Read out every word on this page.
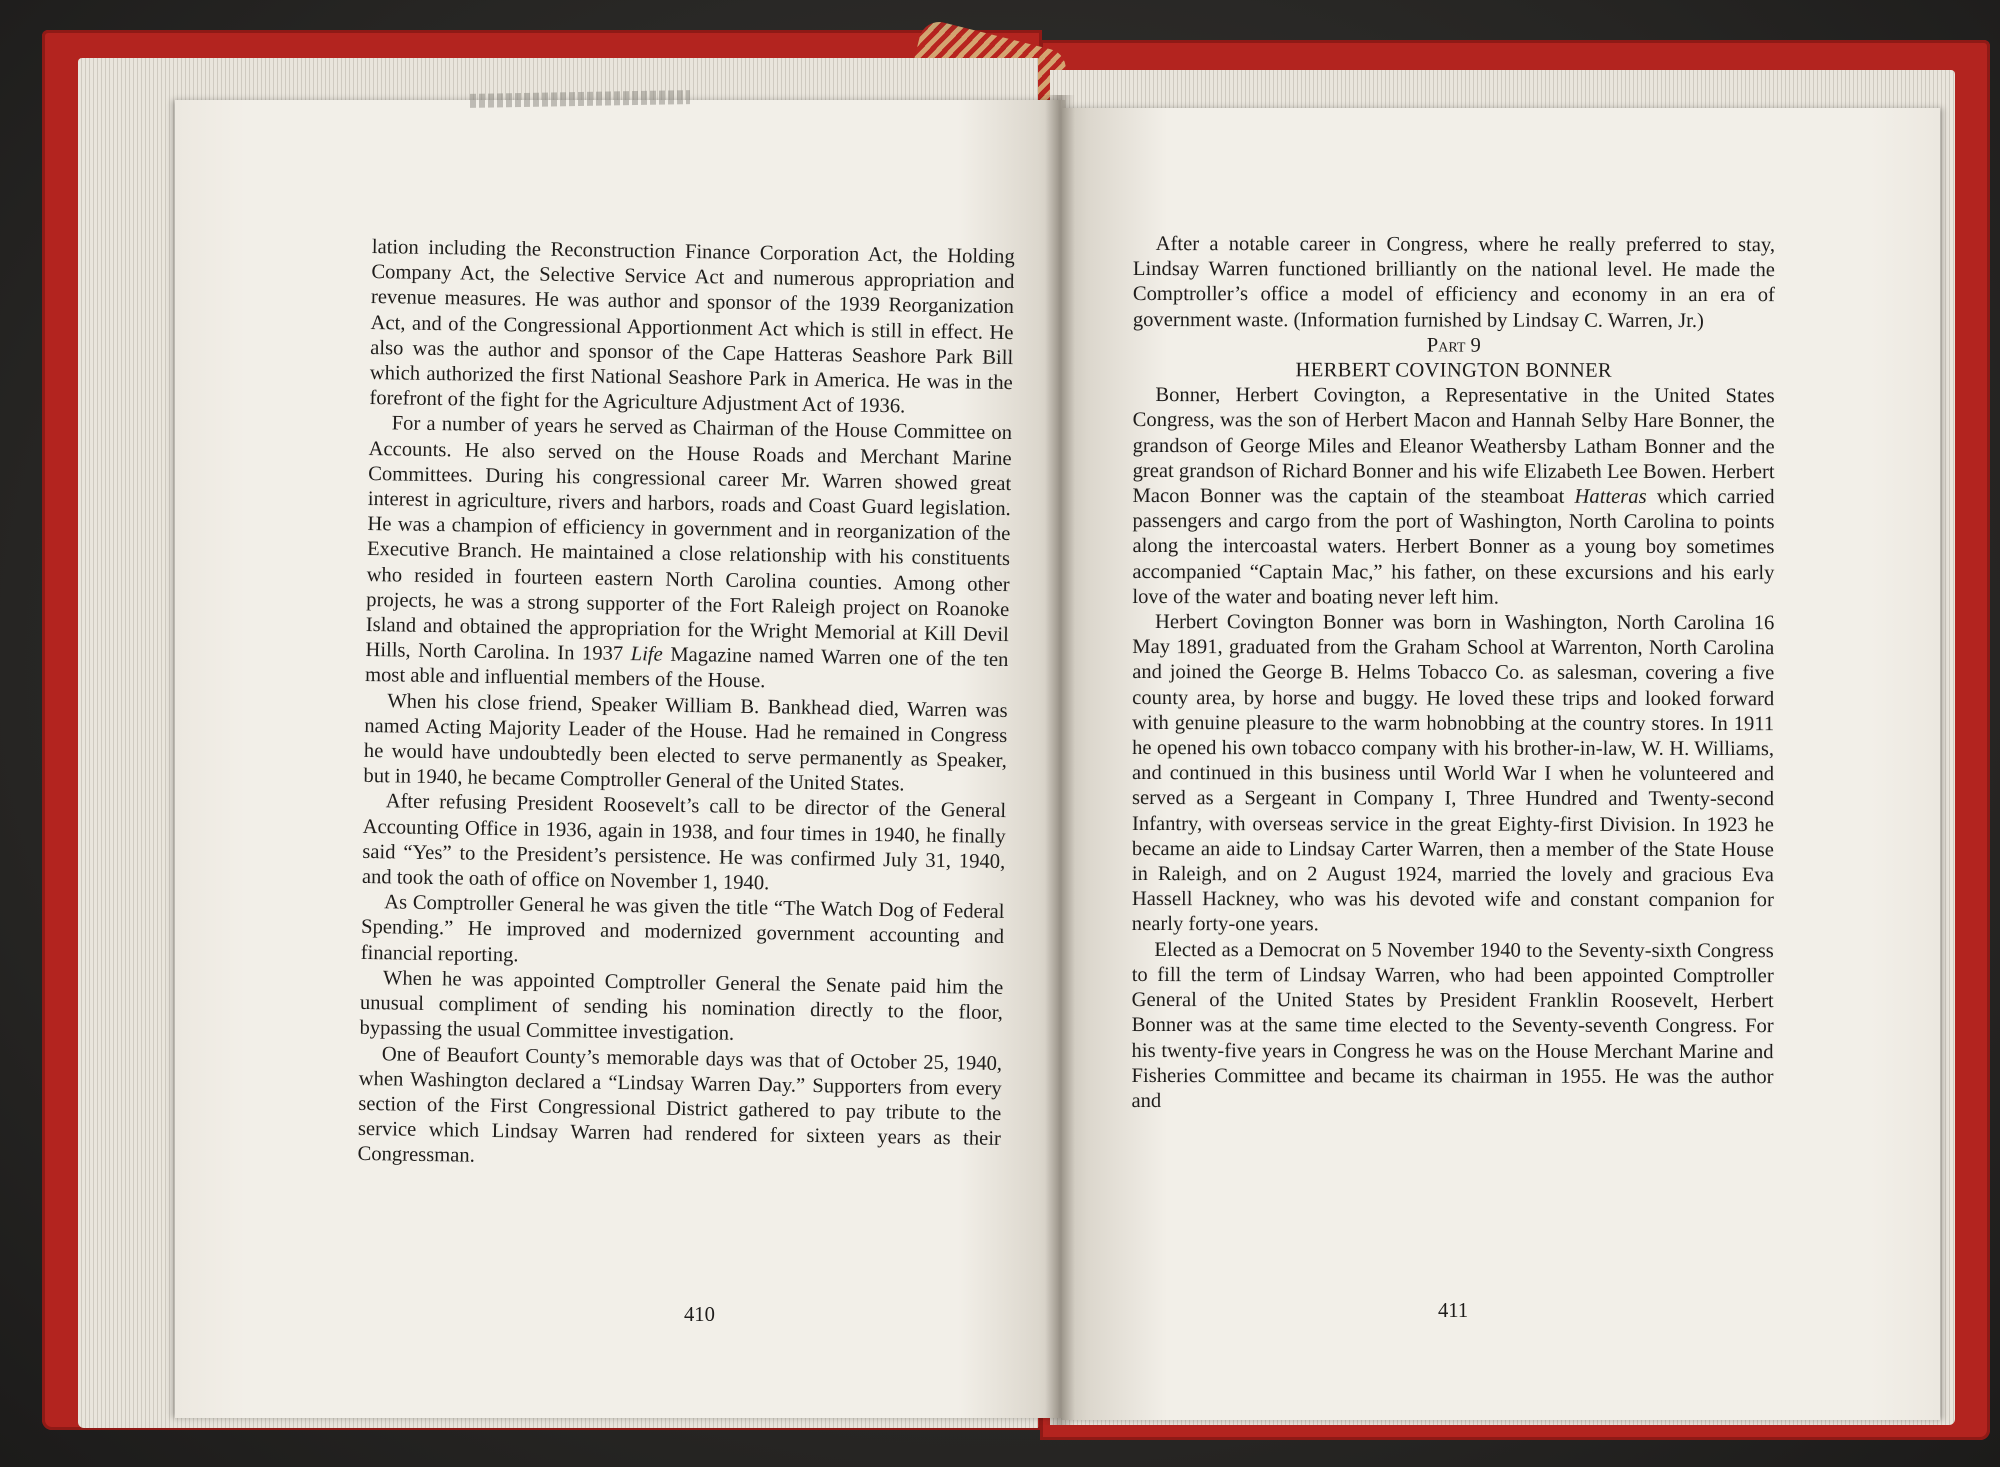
lation including the Reconstruction Finance Corporation Act, the Holding Company Act, the Selective Service Act and numerous appropriation and revenue measures. He was author and sponsor of the 1939 Reorganization Act, and of the Congressional Apportionment Act which is still in effect. He also was the author and sponsor of the Cape Hatteras Seashore Park Bill which authorized the first National Seashore Park in America. He was in the forefront of the fight for the Agriculture Adjustment Act of 1936.

For a number of years he served as Chairman of the House Committee on Accounts. He also served on the House Roads and Merchant Marine Committees. During his congressional career Mr. Warren showed great interest in agriculture, rivers and harbors, roads and Coast Guard legislation. He was a champion of efficiency in government and in reorganization of the Executive Branch. He maintained a close relationship with his constituents who resided in fourteen eastern North Carolina counties. Among other projects, he was a strong supporter of the Fort Raleigh project on Roanoke Island and obtained the appropriation for the Wright Memorial at Kill Devil Hills, North Carolina. In 1937 Life Magazine named Warren one of the ten most able and influential members of the House.

When his close friend, Speaker William B. Bankhead died, Warren was named Acting Majority Leader of the House. Had he remained in Congress he would have undoubtedly been elected to serve permanently as Speaker, but in 1940, he became Comptroller General of the United States.

After refusing President Roosevelt’s call to be director of the General Accounting Office in 1936, again in 1938, and four times in 1940, he finally said “Yes” to the President’s persistence. He was confirmed July 31, 1940, and took the oath of office on November 1, 1940.

As Comptroller General he was given the title “The Watch Dog of Federal Spending.” He improved and modernized government accounting and financial reporting.

When he was appointed Comptroller General the Senate paid him the unusual compliment of sending his nomination directly to the floor, bypassing the usual Committee investigation.

One of Beaufort County’s memorable days was that of October 25, 1940, when Washington declared a “Lindsay Warren Day.” Supporters from every section of the First Congressional District gathered to pay tribute to the service which Lindsay Warren had rendered for sixteen years as their Congressman.

After a notable career in Congress, where he really preferred to stay, Lindsay Warren functioned brilliantly on the national level. He made the Comptroller’s office a model of efficiency and economy in an era of government waste. (Information furnished by Lindsay C. Warren, Jr.)

Part 9

HERBERT COVINGTON BONNER

Bonner, Herbert Covington, a Representative in the United States Congress, was the son of Herbert Macon and Hannah Selby Hare Bonner, the grandson of George Miles and Eleanor Weathersby Latham Bonner and the great grandson of Richard Bonner and his wife Elizabeth Lee Bowen. Herbert Macon Bonner was the captain of the steamboat Hatteras which carried passengers and cargo from the port of Washington, North Carolina to points along the intercoastal waters. Herbert Bonner as a young boy sometimes accompanied “Captain Mac,” his father, on these excursions and his early love of the water and boating never left him.

Herbert Covington Bonner was born in Washington, North Carolina 16 May 1891, graduated from the Graham School at Warrenton, North Carolina and joined the George B. Helms Tobacco Co. as salesman, covering a five county area, by horse and buggy. He loved these trips and looked forward with genuine pleasure to the warm hobnobbing at the country stores. In 1911 he opened his own tobacco company with his brother-in-law, W. H. Williams, and continued in this business until World War I when he volunteered and served as a Sergeant in Company I, Three Hundred and Twenty-second Infantry, with overseas service in the great Eighty-first Division. In 1923 he became an aide to Lindsay Carter Warren, then a member of the State House in Raleigh, and on 2 August 1924, married the lovely and gracious Eva Hassell Hackney, who was his devoted wife and constant companion for nearly forty-one years.

Elected as a Democrat on 5 November 1940 to the Seventy-sixth Congress to fill the term of Lindsay Warren, who had been appointed Comptroller General of the United States by President Franklin Roosevelt, Herbert Bonner was at the same time elected to the Seventy-seventh Congress. For his twenty-five years in Congress he was on the House Merchant Marine and Fisheries Committee and became its chairman in 1955. He was the author and

410	411
